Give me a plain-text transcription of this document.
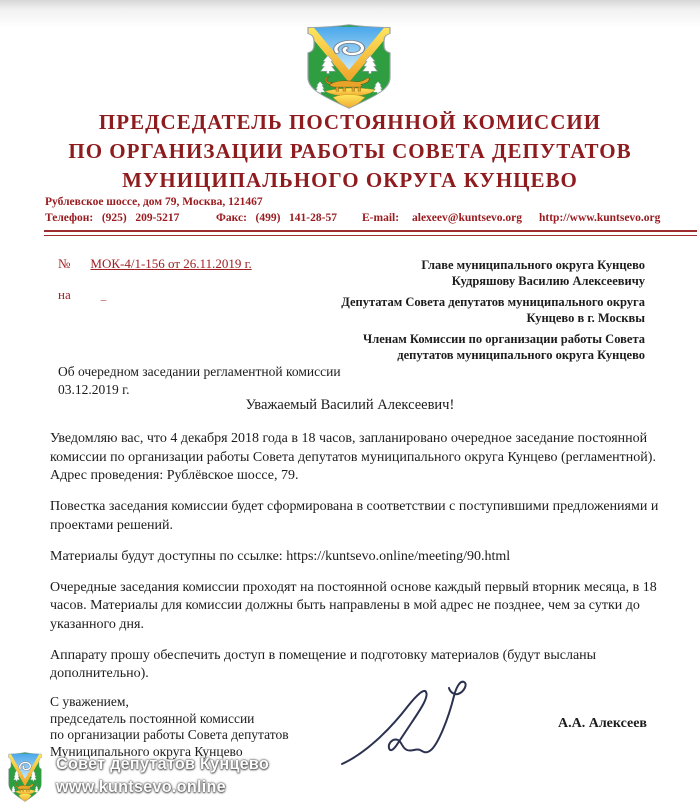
ПРЕДСЕДАТЕЛЬ ПОСТОЯННОЙ КОМИССИИ
ПО ОРГАНИЗАЦИИ РАБОТЫ СОВЕТА ДЕПУТАТОВ
МУНИЦИПАЛЬНОГО ОКРУГА КУНЦЕВО
Рублевское шоссе, дом 79, Москва, 121467
Телефон:   (925)   209-5217	Факс:   (499)   141-28-57 E-mail: alexeev@kuntsevo.org http://www.kuntsevo.org
№ МОК-4/1-156 от 26.11.2019 г.
на	_
Главе муниципального округа Кунцево
Кудряшову Василию Алексеевичу
Депутатам Совета депутатов муниципального округа
Кунцево в г. Москвы
Членам Комиссии по организации работы Совета
депутатов муниципального округа Кунцево
Об очередном заседании регламентной комиссии
03.12.2019 г.
Уважаемый Василий Алексеевич!

Уведомляю вас, что 4 декабря 2018 года в 18 часов, запланировано очередное заседание постоянной комиссии по организации работы Совета депутатов муниципального округа Кунцево (регламентной). Адрес проведения: Рублёвское шоссе, 79.

Повестка заседания комиссии будет сформирована в соответствии с поступившими предложениями и проектами решений.

Материалы будут доступны по ссылке: https://kuntsevo.online/meeting/90.html

Очередные заседания комиссии проходят на постоянной основе каждый первый вторник месяца, в 18 часов. Материалы для комиссии должны быть направлены в мой адрес не позднее, чем за сутки до указанного дня.

Аппарату прошу обеспечить доступ в помещение и подготовку материалов (будут высланы дополнительно).

С уважением,
председатель постоянной комиссии
по организации работы Совета депутатов
Муниципального округа Кунцево
А.А. Алексеев
Совет депутатов Кунцево
www.kuntsevo.online
